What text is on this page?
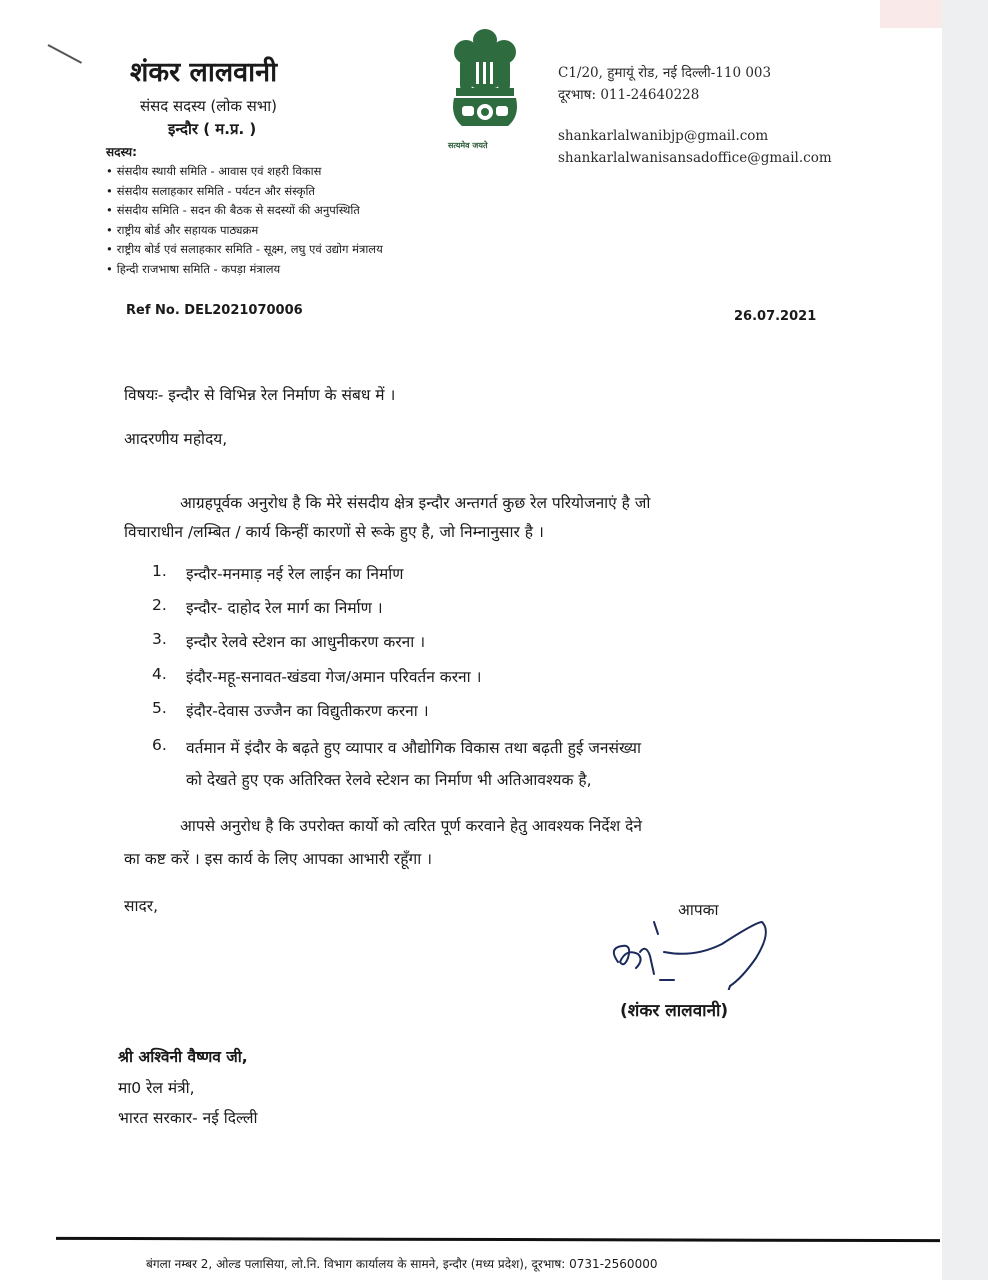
शंकर लालवानी
संसद सदस्य (लोक सभा)
इन्दौर ( म.प्र. )
सदस्य:
• संसदीय स्थायी समिति - आवास एवं शहरी विकास
• संसदीय सलाहकार समिति - पर्यटन और संस्कृति
• संसदीय समिति - सदन की बैठक से सदस्यों की अनुपस्थिति
• राष्ट्रीय बोर्ड और सहायक पाठ्यक्रम
• राष्ट्रीय बोर्ड एवं सलाहकार समिति - सूक्ष्म, लघु एवं उद्योग मंत्रालय
• हिन्दी राजभाषा समिति - कपड़ा मंत्रालय
सत्यमेव जयते
C1/20, हुमायूं रोड, नई दिल्ली-110 003
दूरभाष: 011-24640228
shankarlalwanibjp@gmail.com
shankarlalwanisansadoffice@gmail.com
Ref No. DEL2021070006	26.07.2021
विषयः- इन्दौर से विभिन्न रेल निर्माण के संबध में ।
आदरणीय महोदय,
आग्रहपूर्वक अनुरोध है कि मेरे संसदीय क्षेत्र इन्दौर अन्तगर्त कुछ रेल परियोजनाएं है जो
विचाराधीन /लम्बित / कार्य किन्हीं कारणों से रूके हुए है, जो निम्नानुसार है ।
1. इन्दौर-मनमाड़ नई रेल लाईन का निर्माण
2. इन्दौर- दाहोद रेल मार्ग का निर्माण ।
3. इन्दौर रेलवे स्टेशन का आधुनीकरण करना ।
4. इंदौर-महू-सनावत-खंडवा गेज/अमान परिवर्तन करना ।
5. इंदौर-देवास उज्जैन का विद्युतीकरण करना ।
6. वर्तमान में इंदौर के बढ़ते हुए व्यापार व औद्योगिक विकास तथा बढ़ती हुई जनसंख्या
को देखते हुए एक अतिरिक्त रेलवे स्टेशन का निर्माण भी अतिआवश्यक है,
आपसे अनुरोध है कि उपरोक्त कार्यो को त्वरित पूर्ण करवाने हेतु आवश्यक निर्देश देने
का कष्ट करें । इस कार्य के लिए आपका आभारी रहूँगा ।
सादर,	आपका
(शंकर लालवानी)
श्री अश्विनी वैष्णव जी,
मा0 रेल मंत्री,
भारत सरकार- नई दिल्ली
बंगला नम्बर 2, ओल्ड पलासिया, लो.नि. विभाग कार्यालय के सामने, इन्दौर (मध्य प्रदेश), दूरभाष: 0731-2560000
